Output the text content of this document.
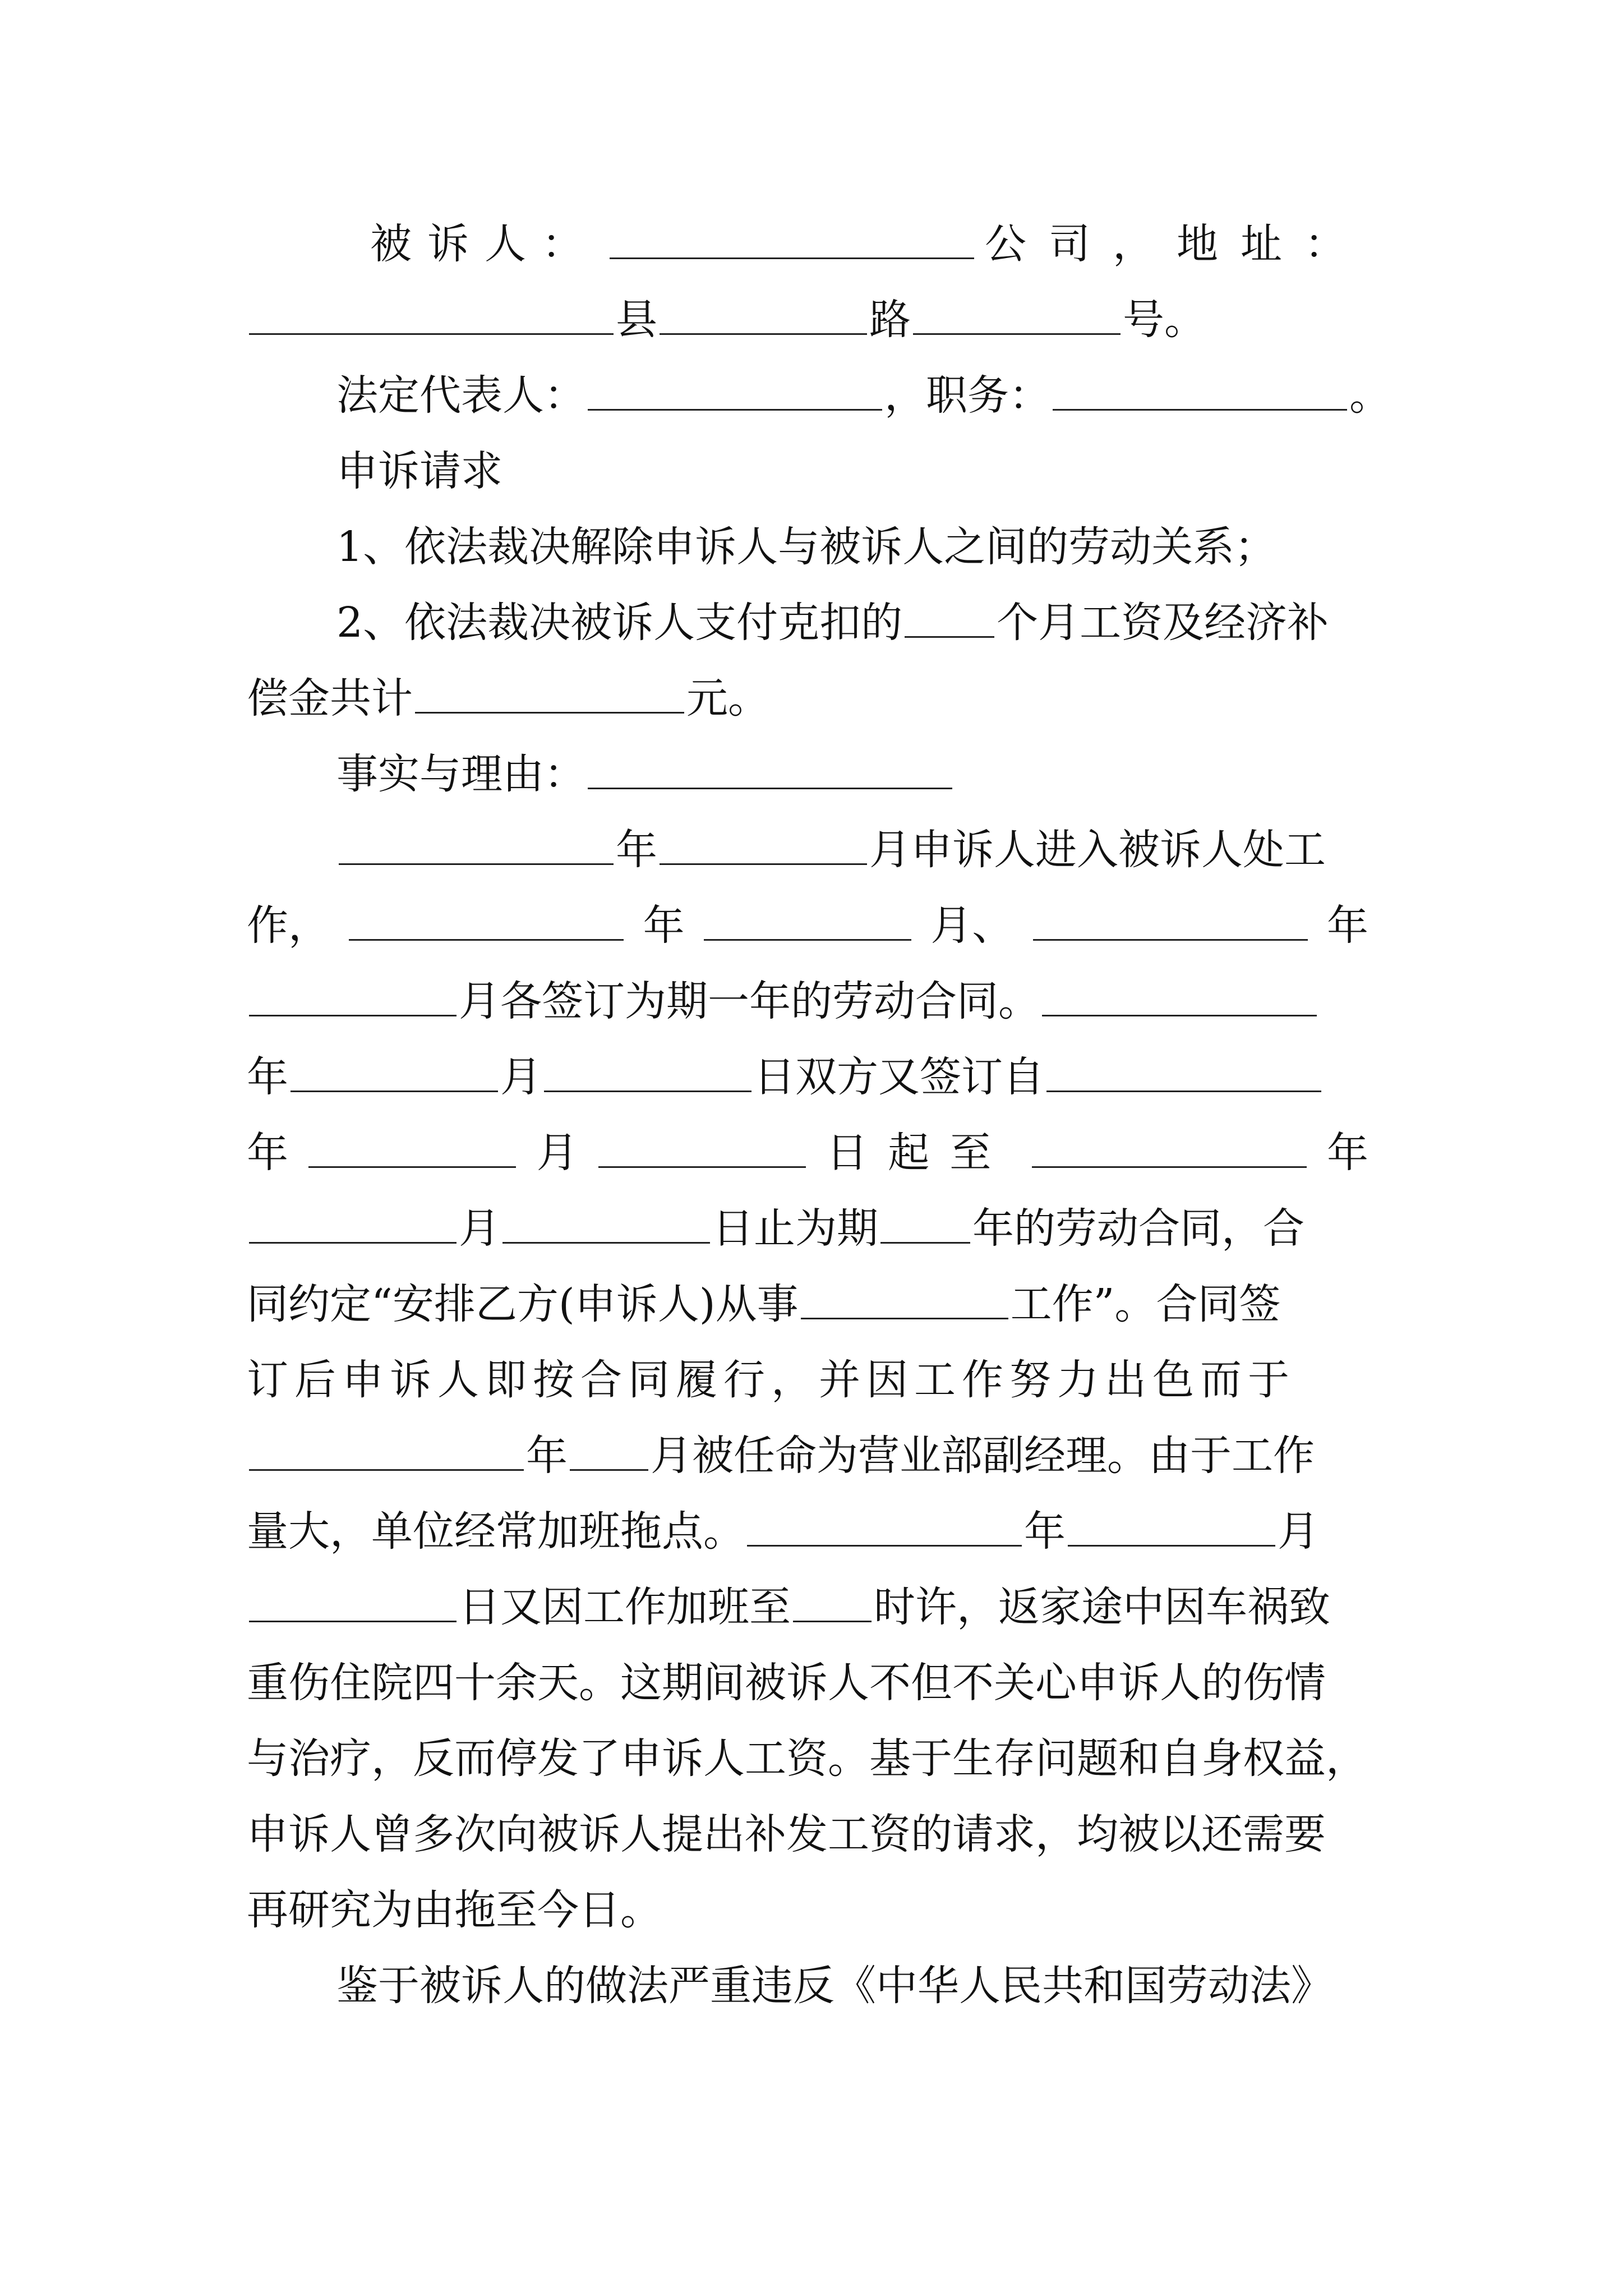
被诉人：	公司，地址：
县	路	号。
法定代表人：	，职务：	。
申诉请求
1、依法裁决解除申诉人与被诉人之间的劳动关系；
2、依法裁决被诉人支付克扣的 个月工资及经济补
偿金共计	元。
事实与理由：
年	月申诉人进入被诉人处工
作，	年	月、	年
月各签订为期一年的劳动合同。
年	月	日双方又签订自
年	月	日起至	年
月	日止为期 年的劳动合同，合
同约定“安排乙方(申诉人)从事	工作”。合同签
订后申诉人即按合同履行，并因工作努力出色而于
年 月被任命为营业部副经理。由于工作
量大，单位经常加班拖点。	年	月
日又因工作加班至 时许，返家途中因车祸致
重伤住院四十余天。这期间被诉人不但不关心申诉人的伤情
与治疗，反而停发了申诉人工资。基于生存问题和自身权益，
申诉人曾多次向被诉人提出补发工资的请求，均被以还需要
再研究为由拖至今日。
鉴于被诉人的做法严重违反《中华人民共和国劳动法》
